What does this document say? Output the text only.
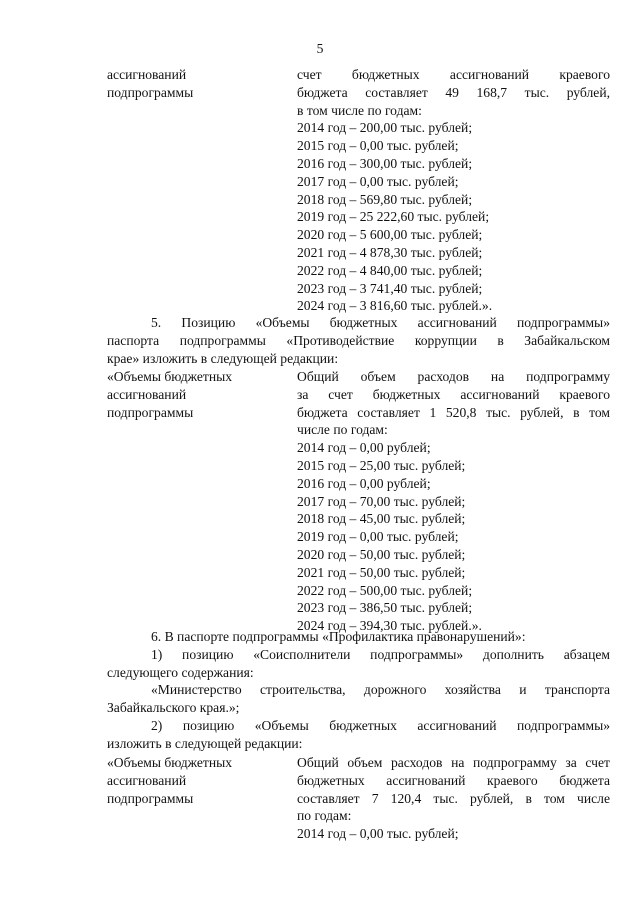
5
ассигнований
подпрограммы
счет бюджетных ассигнований краевого
бюджета составляет 49 168,7 тыс. рублей,
в том числе по годам:
2014 год – 200,00 тыс. рублей;
2015 год – 0,00 тыс. рублей;
2016 год – 300,00 тыс. рублей;
2017 год – 0,00 тыс. рублей;
2018 год – 569,80 тыс. рублей;
2019 год – 25 222,60 тыс. рублей;
2020 год – 5 600,00 тыс. рублей;
2021 год – 4 878,30 тыс. рублей;
2022 год – 4 840,00 тыс. рублей;
2023 год – 3 741,40 тыс. рублей;
2024 год – 3 816,60 тыс. рублей.».
5. Позицию «Объемы бюджетных ассигнований подпрограммы»
паспорта подпрограммы «Противодействие коррупции в Забайкальском
крае» изложить в следующей редакции:
«Объемы бюджетных
ассигнований
подпрограммы
Общий объем расходов на подпрограмму
за счет бюджетных ассигнований краевого
бюджета составляет 1 520,8 тыс. рублей, в том
числе по годам:
2014 год – 0,00 рублей;
2015 год – 25,00 тыс. рублей;
2016 год – 0,00 рублей;
2017 год – 70,00 тыс. рублей;
2018 год – 45,00 тыс. рублей;
2019 год – 0,00 тыс. рублей;
2020 год – 50,00 тыс. рублей;
2021 год – 50,00 тыс. рублей;
2022 год – 500,00 тыс. рублей;
2023 год – 386,50 тыс. рублей;
2024 год – 394,30 тыс. рублей.».
6. В паспорте подпрограммы «Профилактика правонарушений»:
1) позицию «Соисполнители подпрограммы» дополнить абзацем
следующего содержания:
«Министерство строительства, дорожного хозяйства и транспорта
Забайкальского края.»;
2) позицию «Объемы бюджетных ассигнований подпрограммы»
изложить в следующей редакции:
«Объемы бюджетных
ассигнований
подпрограммы
Общий объем расходов на подпрограмму за счет
бюджетных ассигнований краевого бюджета
составляет 7 120,4 тыс. рублей, в том числе
по годам:
2014 год – 0,00 тыс. рублей;
